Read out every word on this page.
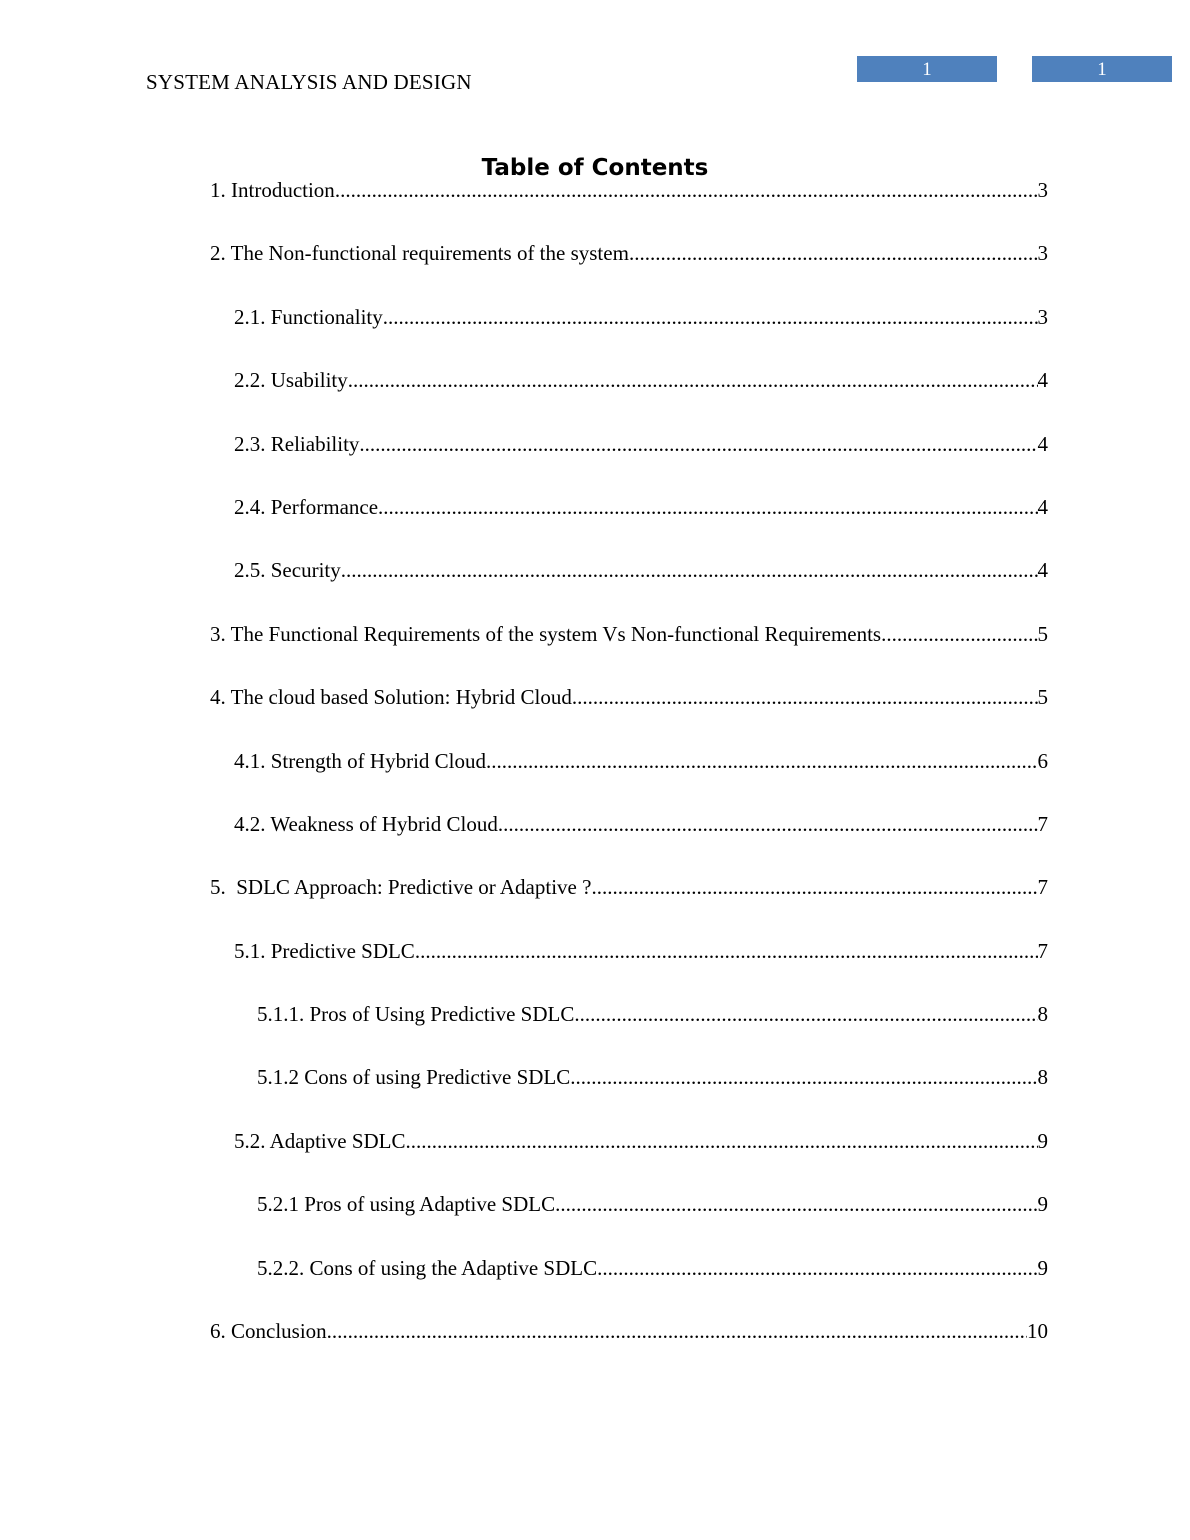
SYSTEM ANALYSIS AND DESIGN
1	1
Table of Contents
1. Introduction .....	3
2. The Non-functional requirements of the system .....	3
2.1. Functionality .....	3
2.2. Usability .....	4
2.3. Reliability .....	4
2.4. Performance .....	4
2.5. Security .....	4
3. The Functional Requirements of the system Vs Non-functional Requirements .....	5
4. The cloud based Solution: Hybrid Cloud .....	5
4.1. Strength of Hybrid Cloud .....	6
4.2. Weakness of Hybrid Cloud .....	7
5.  SDLC Approach: Predictive or Adaptive ? .....	7
5.1. Predictive SDLC .....	7
5.1.1. Pros of Using Predictive SDLC .....	8
5.1.2 Cons of using Predictive SDLC .....	8
5.2. Adaptive SDLC .....	9
5.2.1 Pros of using Adaptive SDLC .....	9
5.2.2. Cons of using the Adaptive SDLC .....	9
6. Conclusion .....	10
